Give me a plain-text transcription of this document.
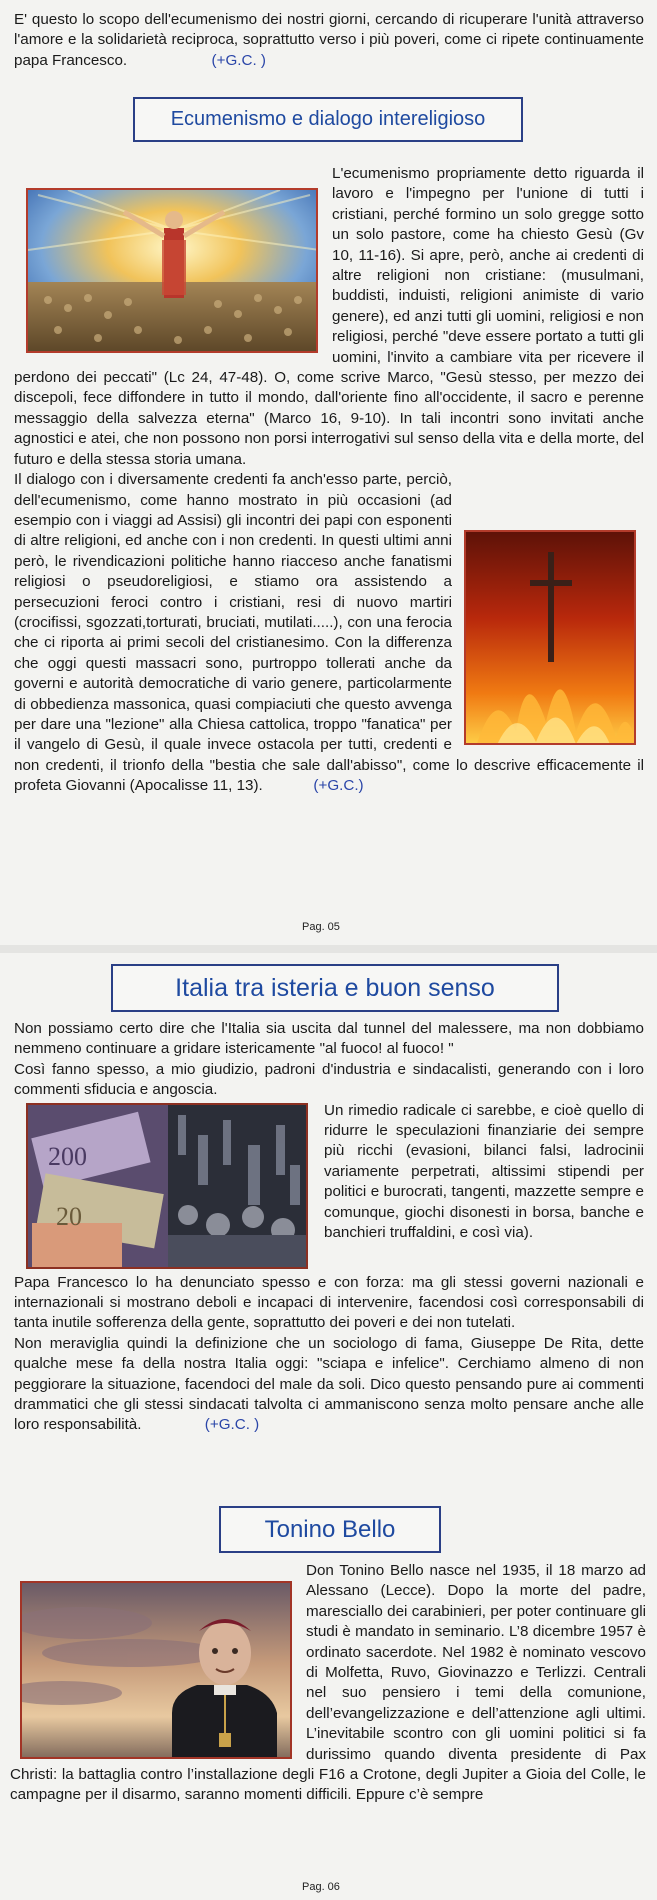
E' questo lo scopo dell'ecumenismo dei nostri giorni, cercando di ricuperare l'unità attraverso l'amore e la solidarietà reciproca, soprattutto verso i più poveri, come ci ripete continuamente papa Francesco.	(+G.C. )

Ecumenismo e dialogo intereligioso

L'ecumenismo propriamente detto riguarda il lavoro e l'impegno per l'unione di tutti i cristiani, perché formino un solo gregge sotto un solo pastore, come ha chiesto Gesù (Gv 10, 11-16). Si apre, però, anche ai credenti di altre religioni non cristiane: (musulmani, buddisti, induisti, religioni animiste di vario genere), ed anzi tutti gli uomini, religiosi e non religiosi, perché "deve essere portato a tutti gli uomini, l'invito a cambiare vita per ricevere il perdono dei peccati" (Lc 24, 47-48). O, come scrive Marco, "Gesù stesso, per mezzo dei discepoli, fece diffondere in tutto il mondo, dall'oriente fino all'occidente, il sacro e perenne messaggio della salvezza eterna" (Marco 16, 9-10). In tali incontri sono invitati anche agnostici e atei, che non possono non porsi interrogativi sul senso della vita e della morte, del futuro e della stessa storia umana.

Il dialogo con i diversamente credenti fa anch'esso parte, perciò, dell'ecumenismo, come hanno mostrato in più occasioni (ad esempio con i viaggi ad Assisi) gli incontri dei papi con esponenti di altre religioni, ed anche con i non credenti. In questi ultimi anni però, le rivendicazioni politiche hanno riacceso anche fanatismi religiosi o pseudoreligiosi, e stiamo ora assistendo a persecuzioni feroci contro i cristiani, resi di nuovo martiri (crocifissi, sgozzati,torturati, bruciati, mutilati.....), con una ferocia che ci riporta ai primi secoli del cristianesimo. Con la differenza che oggi questi massacri sono, purtroppo tollerati anche da governi e autorità democratiche di vario genere, particolarmente di obbedienza massonica, quasi compiaciuti che questo avvenga per dare una "lezione" alla Chiesa cattolica, troppo "fanatica" per il vangelo di Gesù, il quale invece ostacola per tutti, credenti e non credenti, il trionfo della "bestia che sale dall'abisso", come lo descrive efficacemente il profeta Giovanni (Apocalisse 11, 13).	(+G.C.)

Pag. 05
Italia tra isteria e buon senso

Non possiamo certo dire che l'Italia sia uscita dal tunnel del malessere, ma non dobbiamo nemmeno continuare a gridare istericamente "al fuoco! al fuoco! "

Così fanno spesso, a mio giudizio, padroni d'industria e sindacalisti, generando con i loro commenti sfiducia e angoscia.

200
20
Un rimedio radicale ci sarebbe, e cioè quello di ridurre le speculazioni finanziarie dei sempre più ricchi (evasioni, bilanci falsi, ladrocinii variamente perpetrati, altissimi stipendi per politici e burocrati, tangenti, mazzette sempre e comunque, giochi disonesti in borsa, banche e banchieri truffaldini, e così via).

Papa Francesco lo ha denunciato spesso e con forza: ma gli stessi governi nazionali e internazionali si mostrano deboli e incapaci di intervenire, facendosi così corresponsabili di tanta inutile sofferenza della gente, soprattutto dei poveri e dei non tutelati.

Non meraviglia quindi la definizione che un sociologo di fama, Giuseppe De Rita, dette qualche mese fa della nostra Italia oggi: "sciapa e infelice". Cerchiamo almeno di non peggiorare la situazione, facendoci del male da soli. Dico questo pensando pure ai commenti drammatici che gli stessi sindacati talvolta ci ammaniscono senza molto pensare anche alle loro responsabilità.	(+G.C. )

Tonino Bello

Don Tonino Bello nasce nel 1935, il 18 marzo ad Alessano (Lecce). Dopo la morte del padre, maresciallo dei carabinieri, per poter continuare gli studi è mandato in seminario. L’8 dicembre 1957 è ordinato sacerdote. Nel 1982 è nominato vescovo di Molfetta, Ruvo, Giovinazzo e Terlizzi. Centrali nel suo pensiero i temi della comunione, dell’evangelizzazione e dell’attenzione agli ultimi. L’inevitabile scontro con gli uomini politici si fa durissimo quando diventa presidente di Pax Christi: la battaglia contro l’installazione degli F16 a Crotone, degli Jupiter a Gioia del Colle, le campagne per il disarmo, saranno momenti difficili. Eppure c’è sempre

Pag. 06
